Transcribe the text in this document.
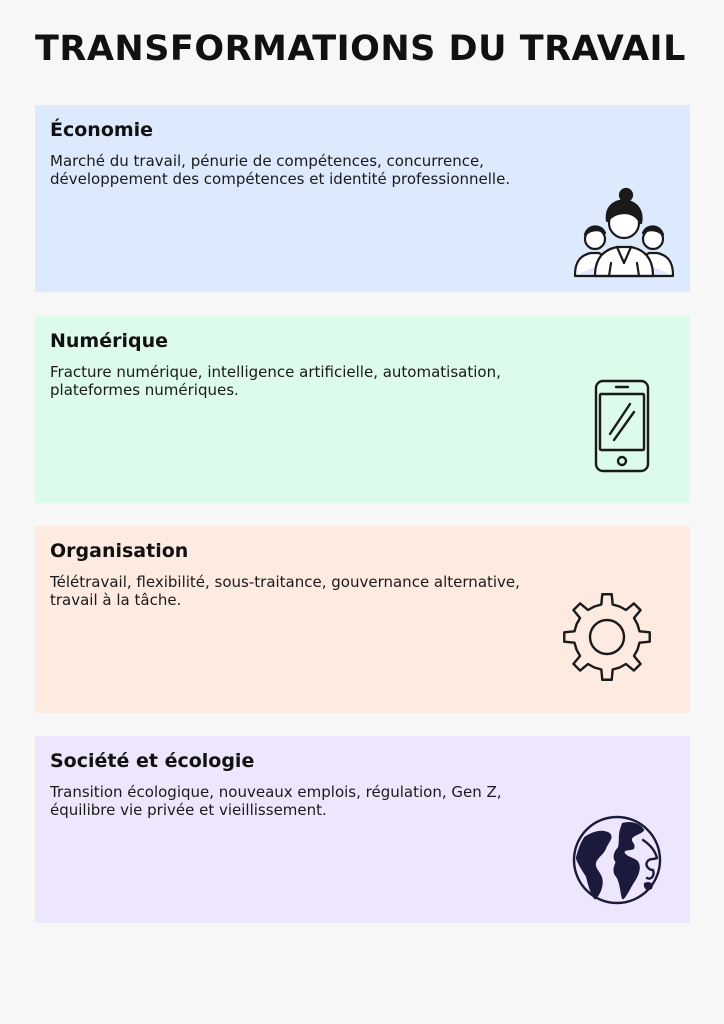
TRANSFORMATIONS DU TRAVAIL
Économie

Marché du travail, pénurie de compétences, concurrence, développement des compétences et identité professionnelle.

Numérique

Fracture numérique, intelligence artificielle, automatisation, plateformes numériques.

Organisation

Télétravail, flexibilité, sous-traitance, gouvernance alternative, travail à la tâche.

Société et écologie

Transition écologique, nouveaux emplois, régulation, Gen Z, équilibre vie privée et vieillissement.
